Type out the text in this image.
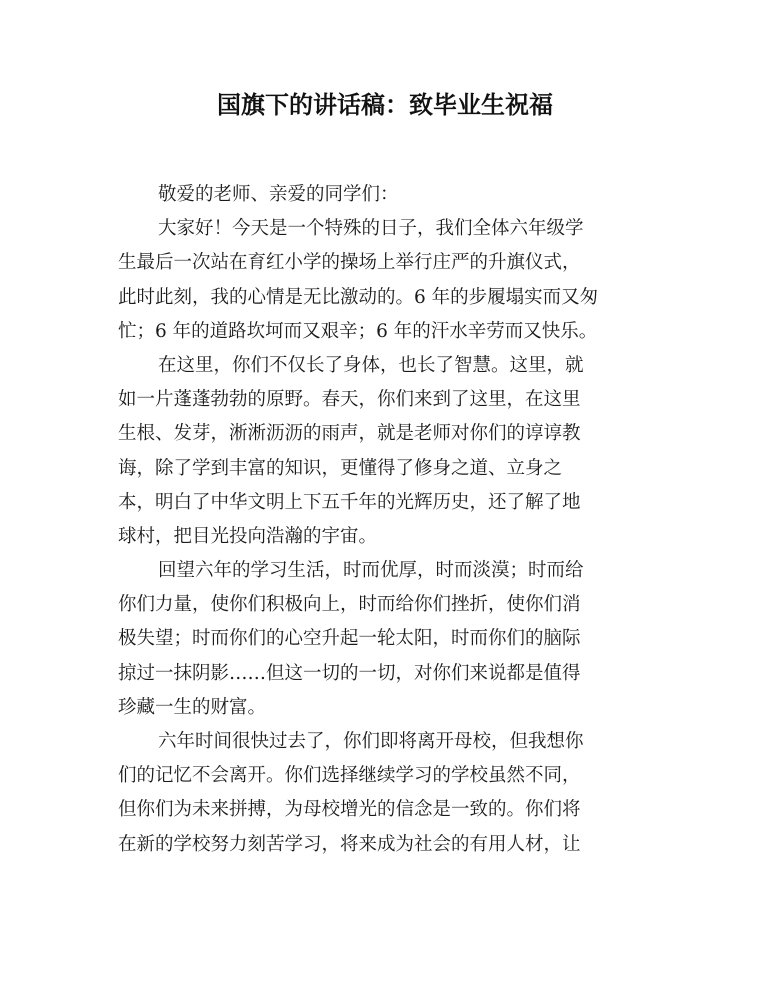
国旗下的讲话稿：致毕业生祝福
敬爱的老师、亲爱的同学们：
大家好！今天是一个特殊的日子，我们全体六年级学
生最后一次站在育红小学的操场上举行庄严的升旗仪式，
此时此刻，我的心情是无比激动的。6 年的步履塌实而又匆
忙；6 年的道路坎坷而又艰辛；6 年的汗水辛劳而又快乐。
在这里，你们不仅长了身体，也长了智慧。这里，就
如一片蓬蓬勃勃的原野。春天，你们来到了这里，在这里
生根、发芽，淅淅沥沥的雨声，就是老师对你们的谆谆教
诲，除了学到丰富的知识，更懂得了修身之道、立身之
本，明白了中华文明上下五千年的光辉历史，还了解了地
球村，把目光投向浩瀚的宇宙。
回望六年的学习生活，时而优厚，时而淡漠；时而给
你们力量，使你们积极向上，时而给你们挫折，使你们消
极失望；时而你们的心空升起一轮太阳，时而你们的脑际
掠过一抹阴影……但这一切的一切，对你们来说都是值得
珍藏一生的财富。
六年时间很快过去了，你们即将离开母校，但我想你
们的记忆不会离开。你们选择继续学习的学校虽然不同，
但你们为未来拼搏，为母校增光的信念是一致的。你们将
在新的学校努力刻苦学习，将来成为社会的有用人材，让
